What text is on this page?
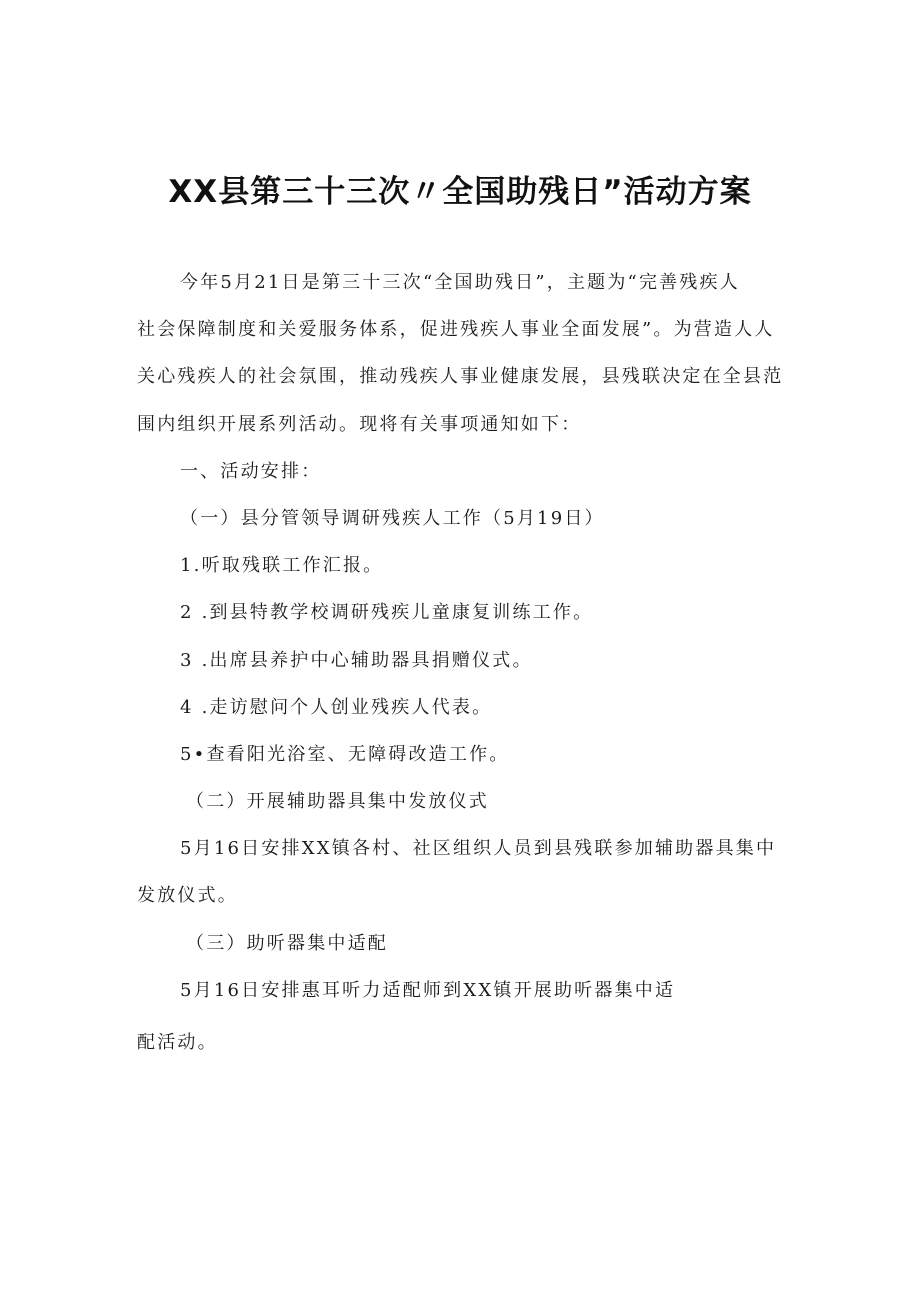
XX县第三十三次〃全国助残日”活动方案
今年5月21日是第三十三次“全国助残日”，主题为“完善残疾人
社会保障制度和关爱服务体系，促进残疾人事业全面发展”。为营造人人
关心残疾人的社会氛围，推动残疾人事业健康发展，县残联决定在全县范
围内组织开展系列活动。现将有关事项通知如下：
一、活动安排：
（一）县分管领导调研残疾人工作（5月19日）
1.听取残联工作汇报。
2 .到县特教学校调研残疾儿童康复训练工作。
3 .出席县养护中心辅助器具捐赠仪式。
4 .走访慰问个人创业残疾人代表。
5•查看阳光浴室、无障碍改造工作。
（二）开展辅助器具集中发放仪式
5月16日安排XX镇各村、社区组织人员到县残联参加辅助器具集中
发放仪式。
（三）助听器集中适配
5月16日安排惠耳听力适配师到XX镇开展助听器集中适
配活动。
